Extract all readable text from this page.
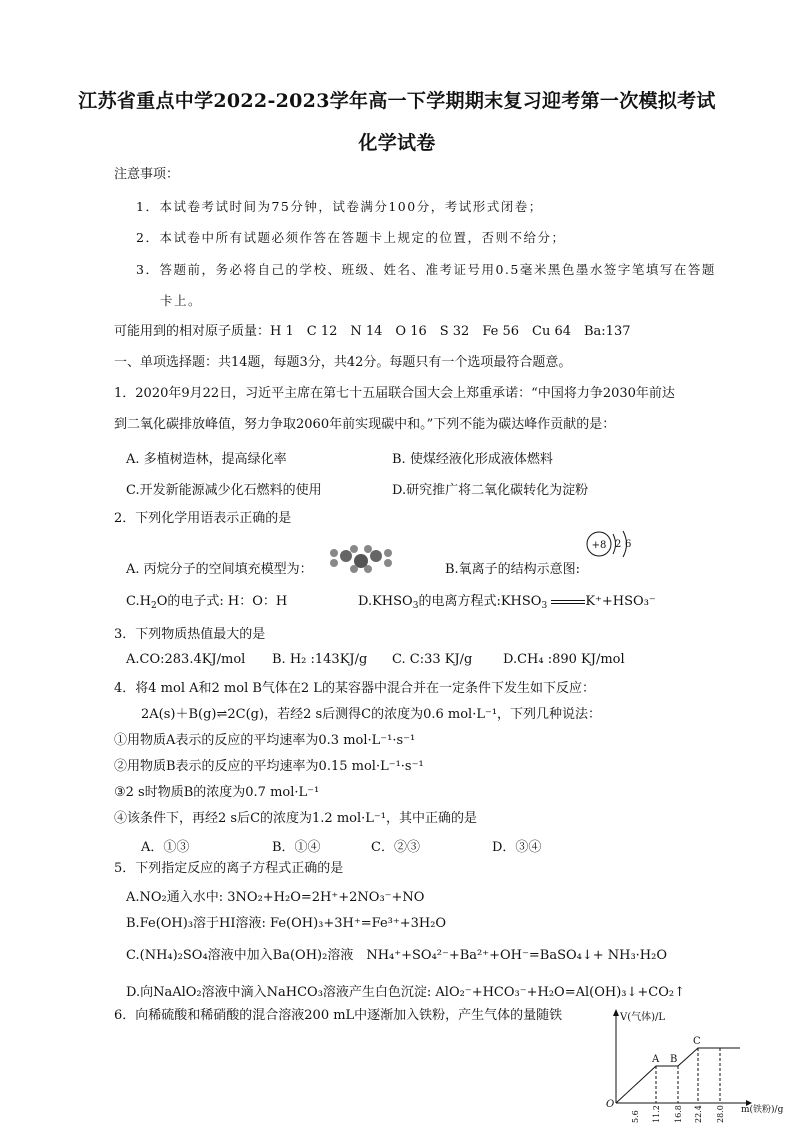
江苏省重点中学2022-2023学年高一下学期期末复习迎考第一次模拟考试
化学试卷
注意事项：
1．本试卷考试时间为75分钟，试卷满分100分，考试形式闭卷；
2．本试卷中所有试题必须作答在答题卡上规定的位置，否则不给分；
3．答题前，务必将自己的学校、班级、姓名、准考证号用0.5毫米黑色墨水签字笔填写在答题
卡上。
可能用到的相对原子质量：H 1　C 12　N 14　O 16　S 32　Fe 56　Cu 64　Ba:137
一、单项选择题：共14题，每题3分，共42分。每题只有一个选项最符合题意。
1．2020年9月22日，习近平主席在第七十五届联合国大会上郑重承诺：“中国将力争2030年前达
到二氧化碳排放峰值，努力争取2060年前实现碳中和。”下列不能为碳达峰作贡献的是：
A. 多植树造林，提高绿化率	B. 使煤经液化形成液体燃料
C.开发新能源减少化石燃料的使用	D.研究推广将二氧化碳转化为淀粉
2．下列化学用语表示正确的是
A. 丙烷分子的空间填充模型为：	B.氧离子的结构示意图:
+8 2 6
$C.H_2O$的电子式: H：O：H	$D.KHSO_3$的电离方程式$:KHSO_3$	K⁺+HSO₃⁻
3．下列物质热值最大的是
A.CO:283.4KJ/mol B. H₂ :143KJ/g C. C:33 KJ/g D.CH₄ :890 KJ/mol
4．将4 mol A和2 mol B气体在2 L的某容器中混合并在一定条件下发生如下反应：
2A(s)＋B(g)⇌2C(g)，若经2 s后测得C的浓度为0.6 mol·L⁻¹，下列几种说法：
①用物质A表示的反应的平均速率为0.3 mol·L⁻¹·s⁻¹
②用物质B表示的反应的平均速率为0.15 mol·L⁻¹·s⁻¹
③2 s时物质B的浓度为0.7 mol·L⁻¹
④该条件下，再经2 s后C的浓度为1.2 mol·L⁻¹，其中正确的是
A．①③	B．①④	C．②③	D．③④
5．下列指定反应的离子方程式正确的是
A.NO₂通入水中: 3NO₂+H₂O=2H⁺+2NO₃⁻+NO
B.Fe(OH)₃溶于HI溶液: Fe(OH)₃+3H⁺=Fe³⁺+3H₂O
C.(NH₄)₂SO₄溶液中加入Ba(OH)₂溶液　NH₄⁺+SO₄²⁻+Ba²⁺+OH⁻=BaSO₄↓+ NH₃·H₂O
D.向NaAlO₂溶液中滴入NaHCO₃溶液产生白色沉淀: AlO₂⁻+HCO₃⁻+H₂O=Al(OH)₃↓+CO₂↑
6．向稀硫酸和稀硝酸的混合溶液200 mL中逐渐加入铁粉，产生气体的量随铁	V(气体)/L
O	m(铁粉)/g
A B
C
5.6 11.2 16.8 22.4 28.0
